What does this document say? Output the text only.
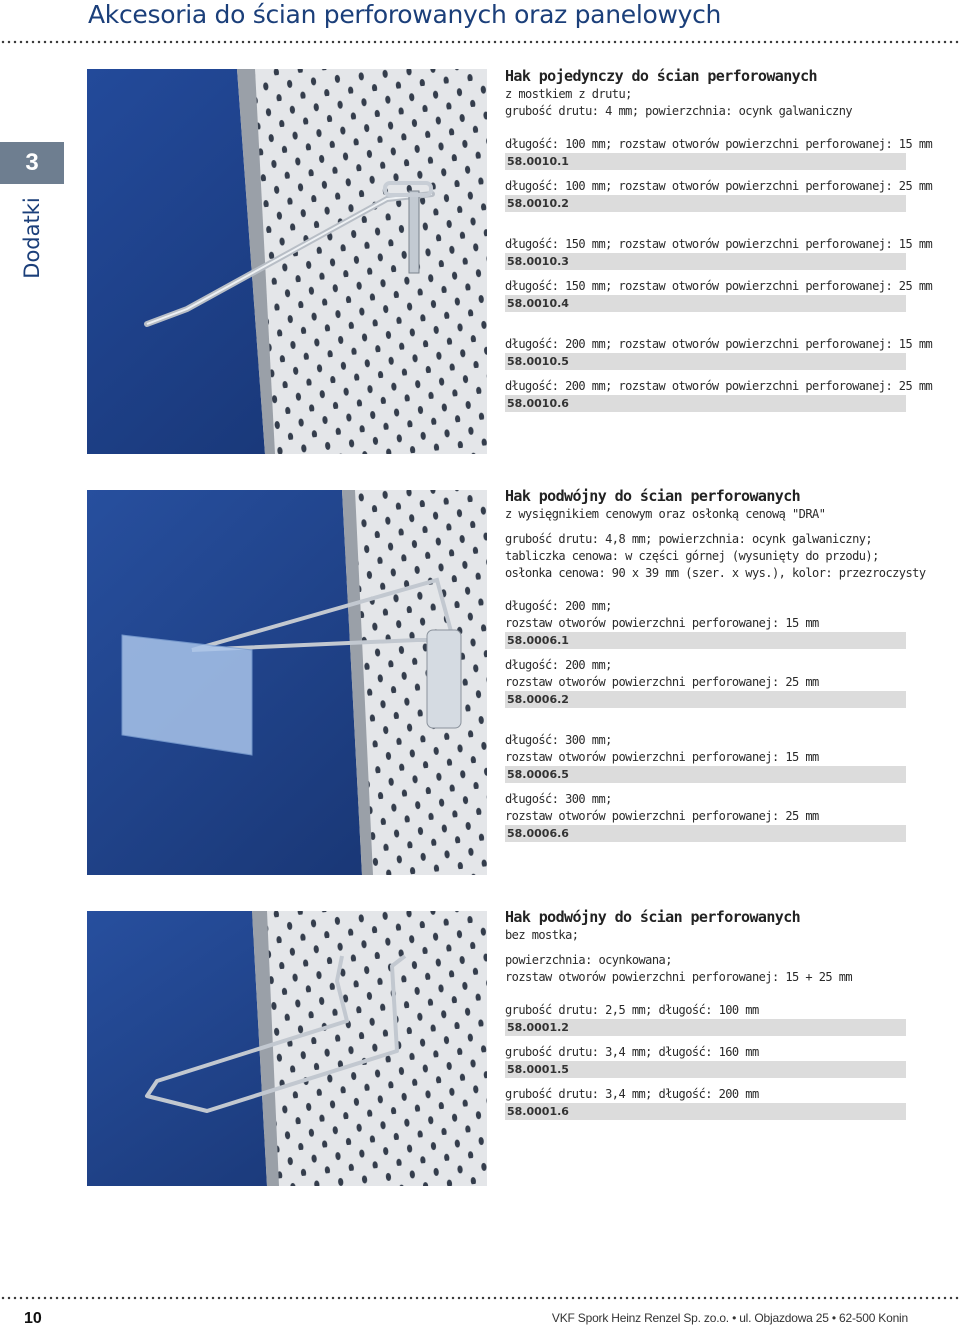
Akcesoria do ścian perforowanych oraz panelowych
3
Dodatki
Hak pojedynczy do ścian perforowanych
z mostkiem z drutu;
grubość drutu: 4 mm; powierzchnia: ocynk galwaniczny
długość: 100 mm; rozstaw otworów powierzchni perforowanej: 15 mm
58.0010.1
długość: 100 mm; rozstaw otworów powierzchni perforowanej: 25 mm
58.0010.2
długość: 150 mm; rozstaw otworów powierzchni perforowanej: 15 mm
58.0010.3
długość: 150 mm; rozstaw otworów powierzchni perforowanej: 25 mm
58.0010.4
długość: 200 mm; rozstaw otworów powierzchni perforowanej: 15 mm
58.0010.5
długość: 200 mm; rozstaw otworów powierzchni perforowanej: 25 mm
58.0010.6
Hak podwójny do ścian perforowanych
z wysięgnikiem cenowym oraz osłonką cenową "DRA"
grubość drutu: 4,8 mm; powierzchnia: ocynk galwaniczny;
tabliczka cenowa: w części górnej (wysunięty do przodu);
osłonka cenowa: 90 x 39 mm (szer. x wys.), kolor: przezroczysty
długość: 200 mm;
rozstaw otworów powierzchni perforowanej: 15 mm
58.0006.1
długość: 200 mm;
rozstaw otworów powierzchni perforowanej: 25 mm
58.0006.2
długość: 300 mm;
rozstaw otworów powierzchni perforowanej: 15 mm
58.0006.5
długość: 300 mm;
rozstaw otworów powierzchni perforowanej: 25 mm
58.0006.6
Hak podwójny do ścian perforowanych
bez mostka;
powierzchnia: ocynkowana;
rozstaw otworów powierzchni perforowanej: 15 + 25 mm
grubość drutu: 2,5 mm; długość: 100 mm
58.0001.2
grubość drutu: 3,4 mm; długość: 160 mm
58.0001.5
grubość drutu: 3,4 mm; długość: 200 mm
58.0001.6
10	VKF Spork Heinz Renzel Sp. zo.o. • ul. Objazdowa 25 • 62-500 Konin
